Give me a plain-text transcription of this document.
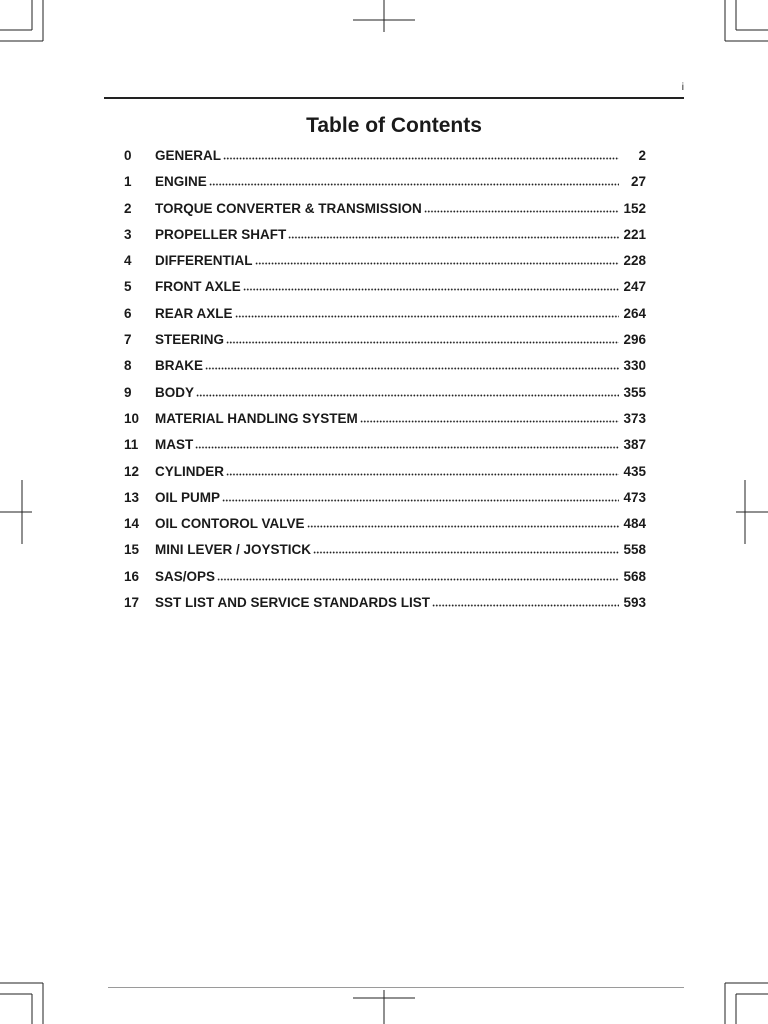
i
Table of Contents
0	GENERAL	2
1	ENGINE	27
2	TORQUE CONVERTER & TRANSMISSION	152
3	PROPELLER SHAFT	221
4	DIFFERENTIAL	228
5	FRONT AXLE	247
6	REAR AXLE	264
7	STEERING	296
8	BRAKE	330
9	BODY	355
10	MATERIAL HANDLING SYSTEM	373
11	MAST	387
12	CYLINDER	435
13	OIL PUMP	473
14	OIL CONTOROL VALVE	484
15	MINI LEVER / JOYSTICK	558
16	SAS/OPS	568
17	SST LIST AND SERVICE STANDARDS LIST	593
